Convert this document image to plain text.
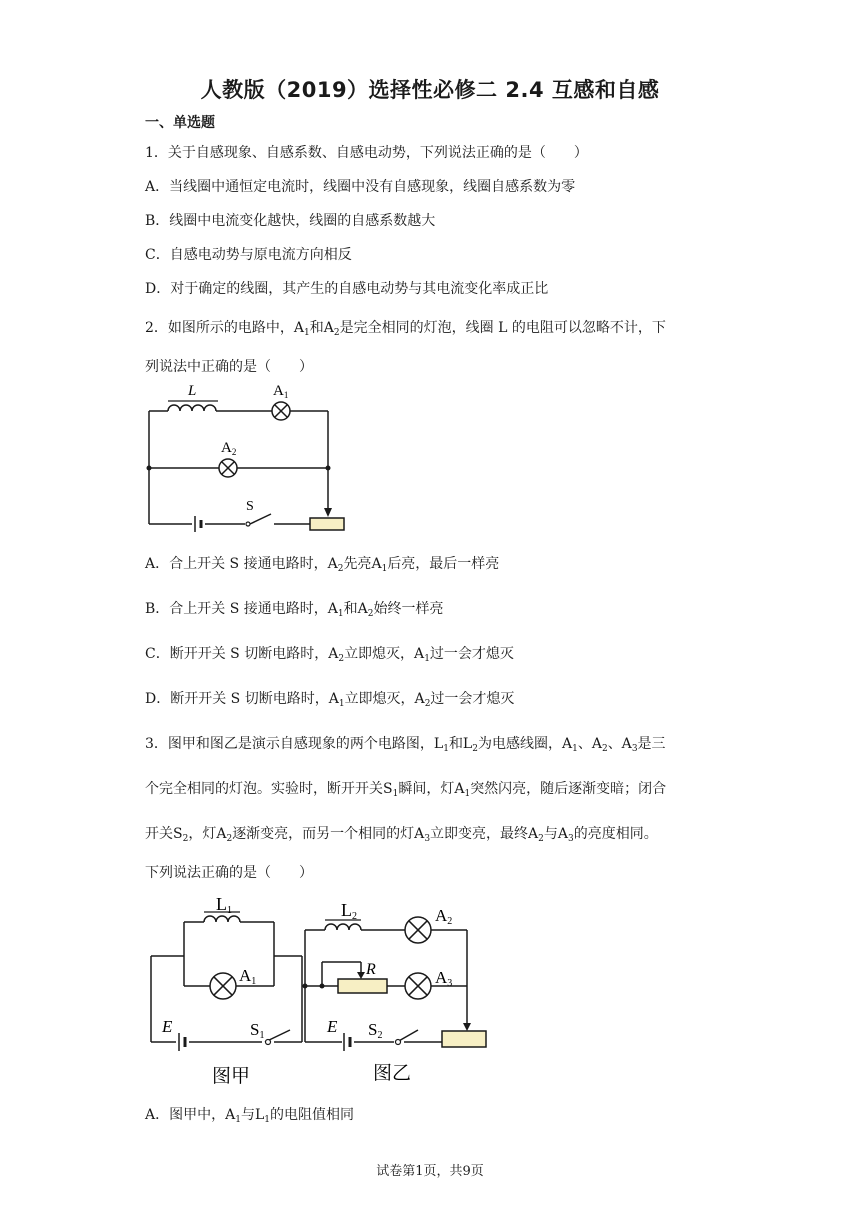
人教版（2019）选择性必修二 2.4 互感和自感
一、单选题
1．关于自感现象、自感系数、自感电动势，下列说法正确的是（　　）
A．当线圈中通恒定电流时，线圈中没有自感现象，线圈自感系数为零
B．线圈中电流变化越快，线圈的自感系数越大
C．自感电动势与原电流方向相反
D．对于确定的线圈，其产生的自感电动势与其电流变化率成正比
2．如图所示的电路中，$A_1$和$A_2$是完全相同的灯泡，线圈 L 的电阻可以忽略不计，下
列说法中正确的是（　　）
L	$A_1$
$A_2$
S
A．合上开关 S 接通电路时，$A_2$先亮$A_1$后亮，最后一样亮
B．合上开关 S 接通电路时，$A_1$和$A_2$始终一样亮
C．断开开关 S 切断电路时，$A_2$立即熄灭，$A_1$过一会才熄灭
D．断开开关 S 切断电路时，$A_1$立即熄灭，$A_2$过一会才熄灭
3．图甲和图乙是演示自感现象的两个电路图，$L_1$和$L_2$为电感线圈，$A_1$、$A_2$、$A_3$是三
个完全相同的灯泡。实验时，断开开关$S_1$瞬间，灯$A_1$突然闪亮，随后逐渐变暗；闭合
开关$S_2$，灯$A_2$逐渐变亮，而另一个相同的灯$A_3$立即变亮，最终$A_2$与$A_3$的亮度相同。
下列说法正确的是（　　）
L1
A1
E	S1
图甲
L2	A2
R	A3
E S2
图乙
A．图甲中，$A_1$与$L_1$的电阻值相同
试卷第1页，共9页
